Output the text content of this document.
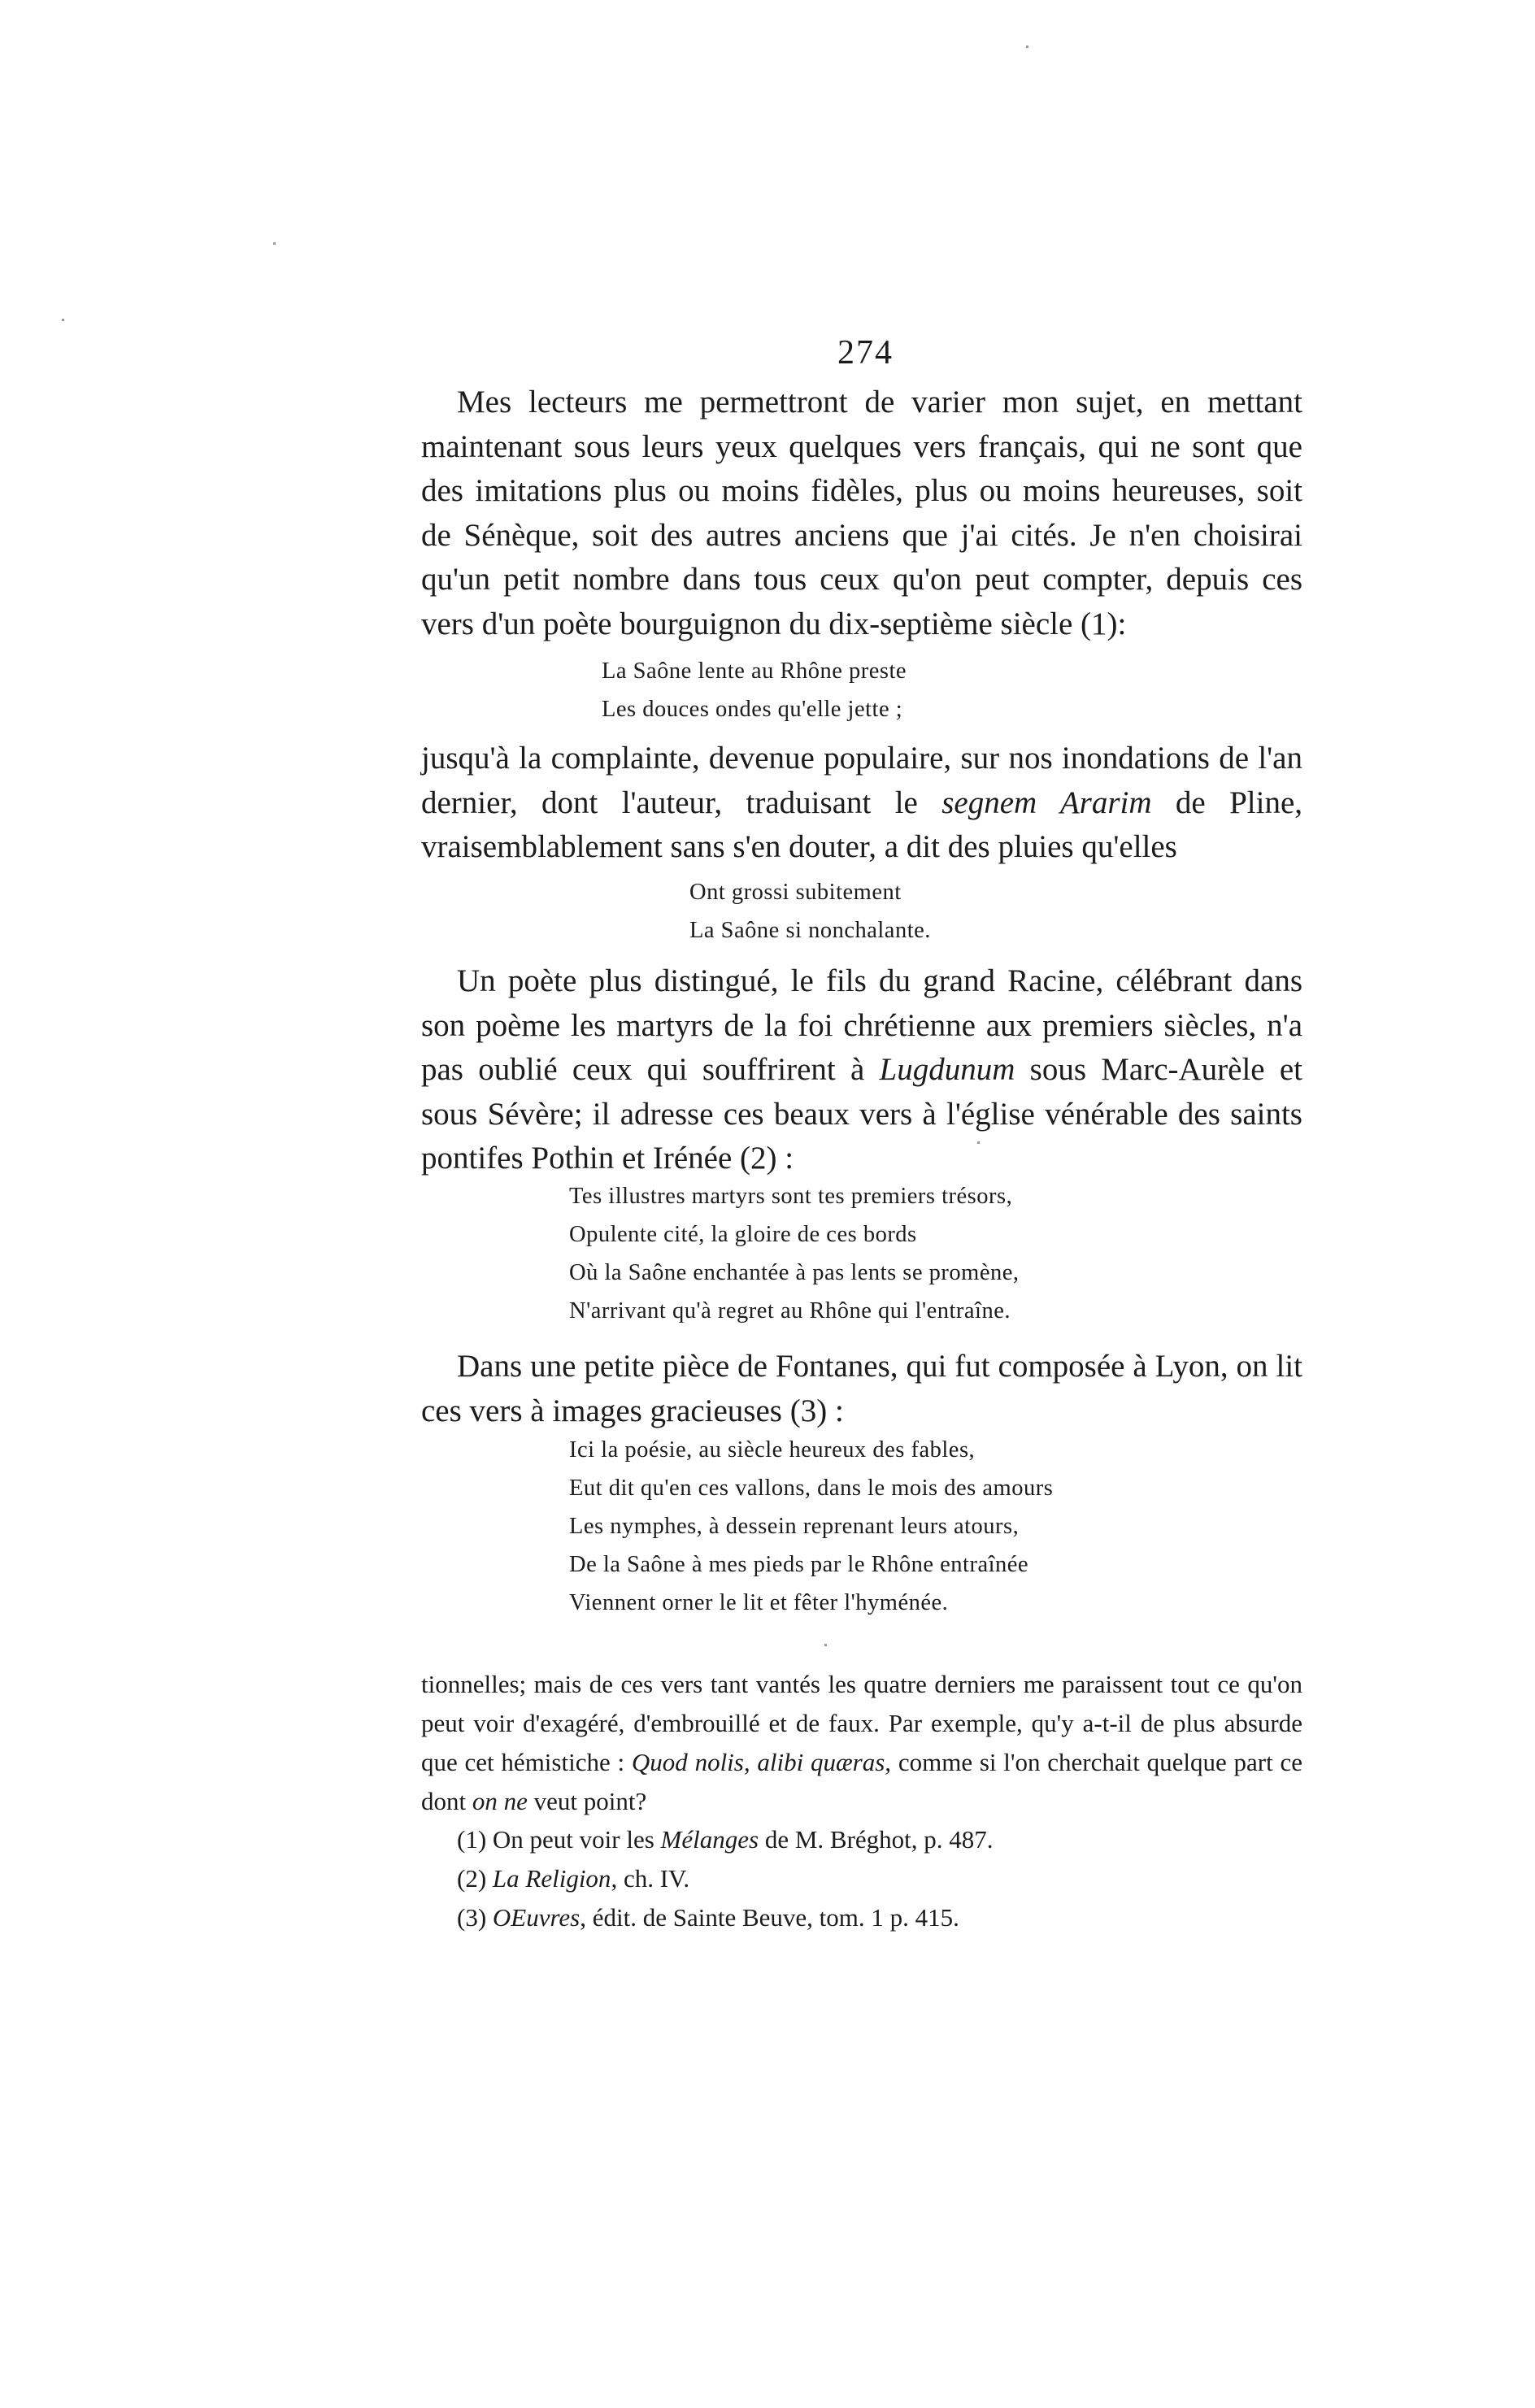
274

Mes lecteurs me permettront de varier mon sujet, en mettant maintenant sous leurs yeux quelques vers français, qui ne sont que des imitations plus ou moins fidèles, plus ou moins heureuses, soit de Sénèque, soit des autres anciens que j'ai cités. Je n'en choisirai qu'un petit nombre dans tous ceux qu'on peut compter, depuis ces vers d'un poète bourguignon du dix-septième siècle (1):

La Saône lente au Rhône preste
Les douces ondes qu'elle jette ;

jusqu'à la complainte, devenue populaire, sur nos inondations de l'an dernier, dont l'auteur, traduisant le segnem Ararim de Pline, vraisemblablement sans s'en douter, a dit des pluies qu'elles

Ont grossi subitement
La Saône si nonchalante.

Un poète plus distingué, le fils du grand Racine, célébrant dans son poème les martyrs de la foi chrétienne aux premiers siècles, n'a pas oublié ceux qui souffrirent à Lugdunum sous Marc-Aurèle et sous Sévère; il adresse ces beaux vers à l'église vénérable des saints pontifes Pothin et Irénée (2) :

Tes illustres martyrs sont tes premiers trésors,
Opulente cité, la gloire de ces bords
Où la Saône enchantée à pas lents se promène,
N'arrivant qu'à regret au Rhône qui l'entraîne.

Dans une petite pièce de Fontanes, qui fut composée à Lyon, on lit ces vers à images gracieuses (3) :

Ici la poésie, au siècle heureux des fables,
Eut dit qu'en ces vallons, dans le mois des amours
Les nymphes, à dessein reprenant leurs atours,
De la Saône à mes pieds par le Rhône entraînée
Viennent orner le lit et fêter l'hyménée.

tionnelles; mais de ces vers tant vantés les quatre derniers me paraissent tout ce qu'on peut voir d'exagéré, d'embrouillé et de faux. Par exemple, qu'y a-t-il de plus absurde que cet hémistiche : Quod nolis, alibi quæras, comme si l'on cherchait quelque part ce dont on ne veut point?

(1) On peut voir les Mélanges de M. Bréghot, p. 487.
(2) La Religion, ch. IV.
(3) OEuvres, édit. de Sainte Beuve, tom. 1 p. 415.
